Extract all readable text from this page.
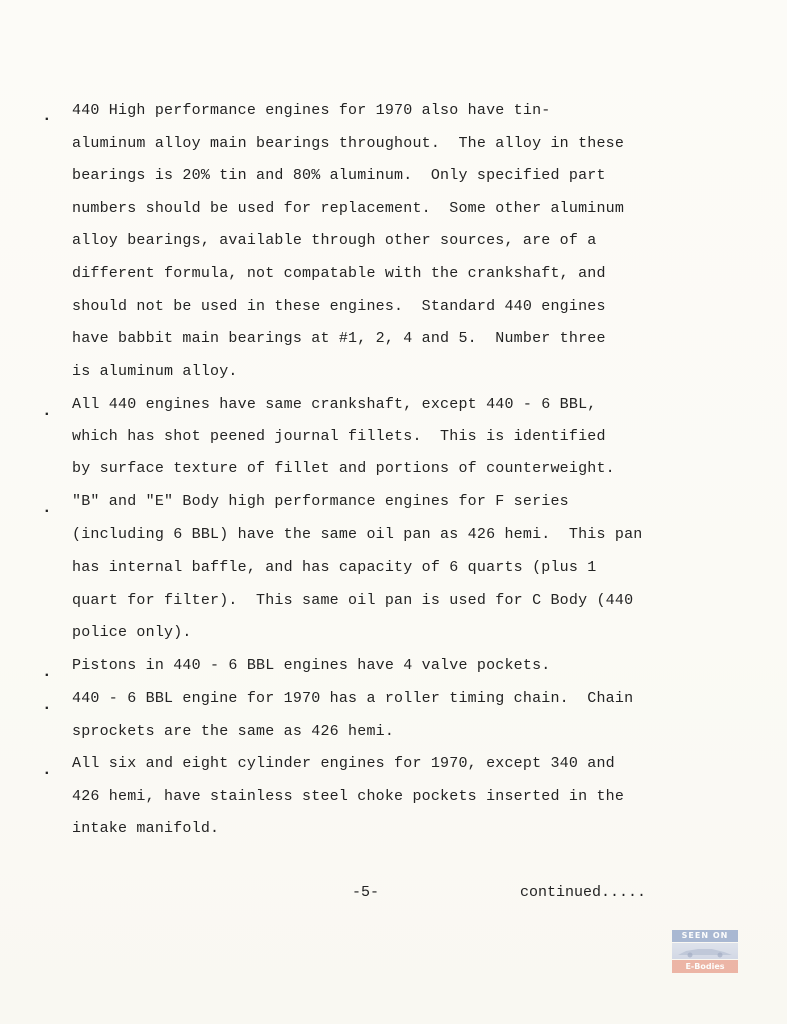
. 440 High performance engines for 1970 also have tin-
aluminum alloy main bearings throughout.  The alloy in these
bearings is 20% tin and 80% aluminum.  Only specified part
numbers should be used for replacement.  Some other aluminum
alloy bearings, available through other sources, are of a
different formula, not compatable with the crankshaft, and
should not be used in these engines.  Standard 440 engines
have babbit main bearings at #1, 2, 4 and 5.  Number three
is aluminum alloy.
. All 440 engines have same crankshaft, except 440 - 6 BBL,
which has shot peened journal fillets.  This is identified
by surface texture of fillet and portions of counterweight.
. "B" and "E" Body high performance engines for F series
(including 6 BBL) have the same oil pan as 426 hemi.  This pan
has internal baffle, and has capacity of 6 quarts (plus 1
quart for filter).  This same oil pan is used for C Body (440
police only).
. Pistons in 440 - 6 BBL engines have 4 valve pockets.
. 440 - 6 BBL engine for 1970 has a roller timing chain.  Chain
sprockets are the same as 426 hemi.
. All six and eight cylinder engines for 1970, except 340 and
426 hemi, have stainless steel choke pockets inserted in the
intake manifold.
-5-	continued.....
SEEN ON
E-Bodies
